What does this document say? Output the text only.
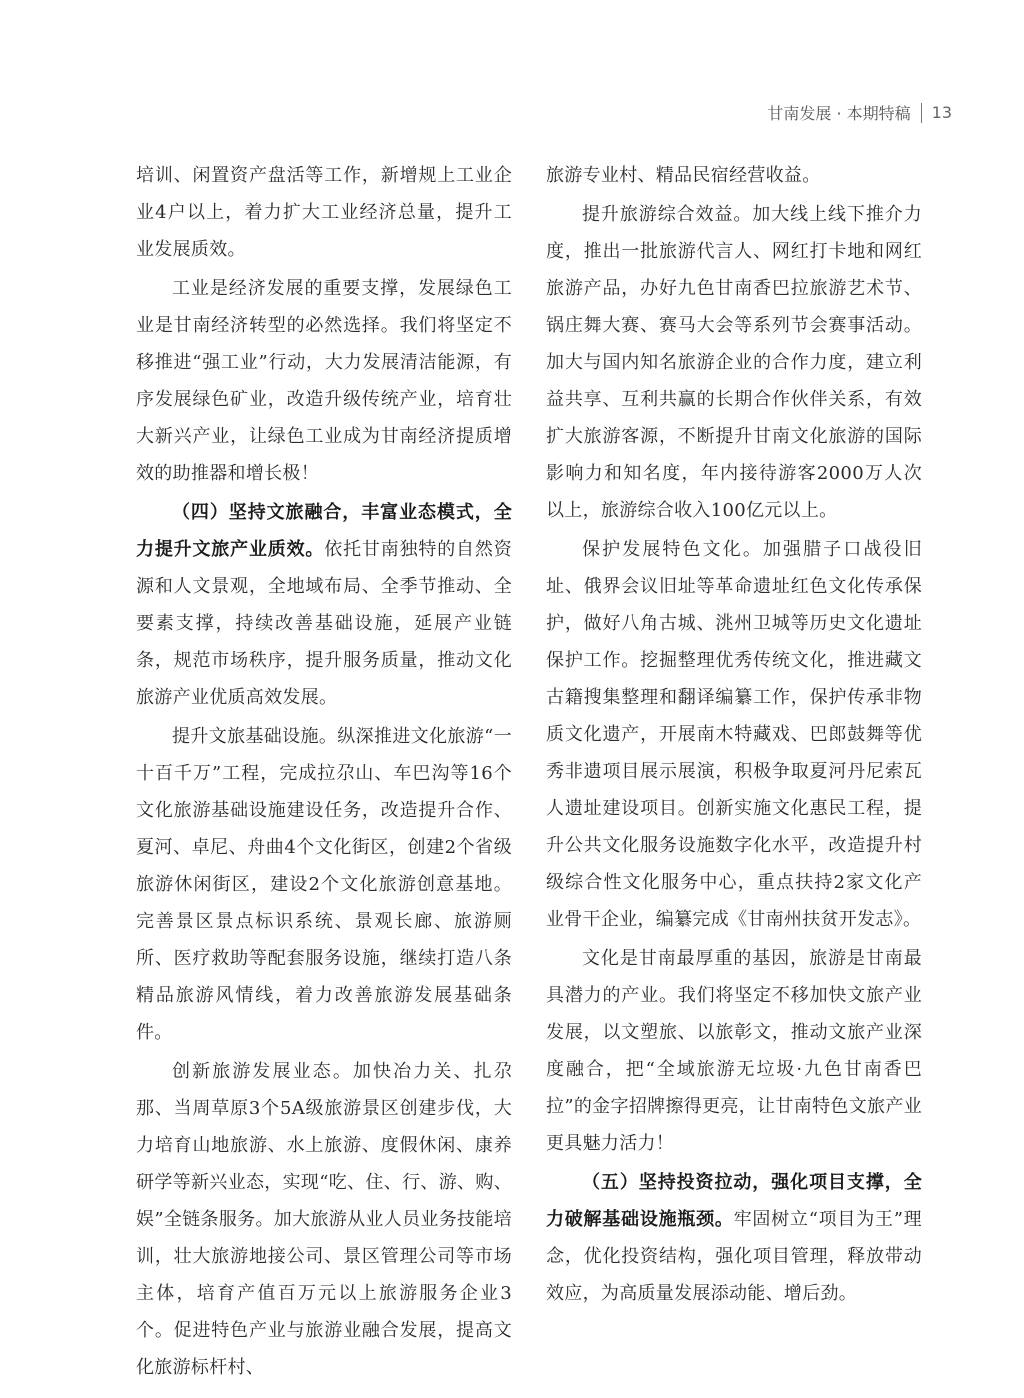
甘南发展 · 本期特稿 13

培训、闲置资产盘活等工作，新增规上工业企业4户以上，着力扩大工业经济总量，提升工业发展质效。

工业是经济发展的重要支撑，发展绿色工业是甘南经济转型的必然选择。我们将坚定不移推进“强工业”行动，大力发展清洁能源，有序发展绿色矿业，改造升级传统产业，培育壮大新兴产业，让绿色工业成为甘南经济提质增效的助推器和增长极！

（四）坚持文旅融合，丰富业态模式，全力提升文旅产业质效。依托甘南独特的自然资源和人文景观，全地域布局、全季节推动、全要素支撑，持续改善基础设施，延展产业链条，规范市场秩序，提升服务质量，推动文化旅游产业优质高效发展。

提升文旅基础设施。纵深推进文化旅游“一十百千万”工程，完成拉尕山、车巴沟等16个文化旅游基础设施建设任务，改造提升合作、夏河、卓尼、舟曲4个文化街区，创建2个省级旅游休闲街区，建设2个文化旅游创意基地。完善景区景点标识系统、景观长廊、旅游厕所、医疗救助等配套服务设施，继续打造八条精品旅游风情线，着力改善旅游发展基础条件。

创新旅游发展业态。加快冶力关、扎尕那、当周草原3个5A级旅游景区创建步伐，大力培育山地旅游、水上旅游、度假休闲、康养研学等新兴业态，实现“吃、住、行、游、购、娱”全链条服务。加大旅游从业人员业务技能培训，壮大旅游地接公司、景区管理公司等市场主体，培育产值百万元以上旅游服务企业3个。促进特色产业与旅游业融合发展，提高文化旅游标杆村、

旅游专业村、精品民宿经营收益。

提升旅游综合效益。加大线上线下推介力度，推出一批旅游代言人、网红打卡地和网红旅游产品，办好九色甘南香巴拉旅游艺术节、锅庄舞大赛、赛马大会等系列节会赛事活动。加大与国内知名旅游企业的合作力度，建立利益共享、互利共赢的长期合作伙伴关系，有效扩大旅游客源，不断提升甘南文化旅游的国际影响力和知名度，年内接待游客2000万人次以上，旅游综合收入100亿元以上。

保护发展特色文化。加强腊子口战役旧址、俄界会议旧址等革命遗址红色文化传承保护，做好八角古城、洮州卫城等历史文化遗址保护工作。挖掘整理优秀传统文化，推进藏文古籍搜集整理和翻译编纂工作，保护传承非物质文化遗产，开展南木特藏戏、巴郎鼓舞等优秀非遗项目展示展演，积极争取夏河丹尼索瓦人遗址建设项目。创新实施文化惠民工程，提升公共文化服务设施数字化水平，改造提升村级综合性文化服务中心，重点扶持2家文化产业骨干企业，编纂完成《甘南州扶贫开发志》。

文化是甘南最厚重的基因，旅游是甘南最具潜力的产业。我们将坚定不移加快文旅产业发展，以文塑旅、以旅彰文，推动文旅产业深度融合，把“全域旅游无垃圾·九色甘南香巴拉”的金字招牌擦得更亮，让甘南特色文旅产业更具魅力活力！

（五）坚持投资拉动，强化项目支撑，全力破解基础设施瓶颈。牢固树立“项目为王”理念，优化投资结构，强化项目管理，释放带动效应，为高质量发展添动能、增后劲。
